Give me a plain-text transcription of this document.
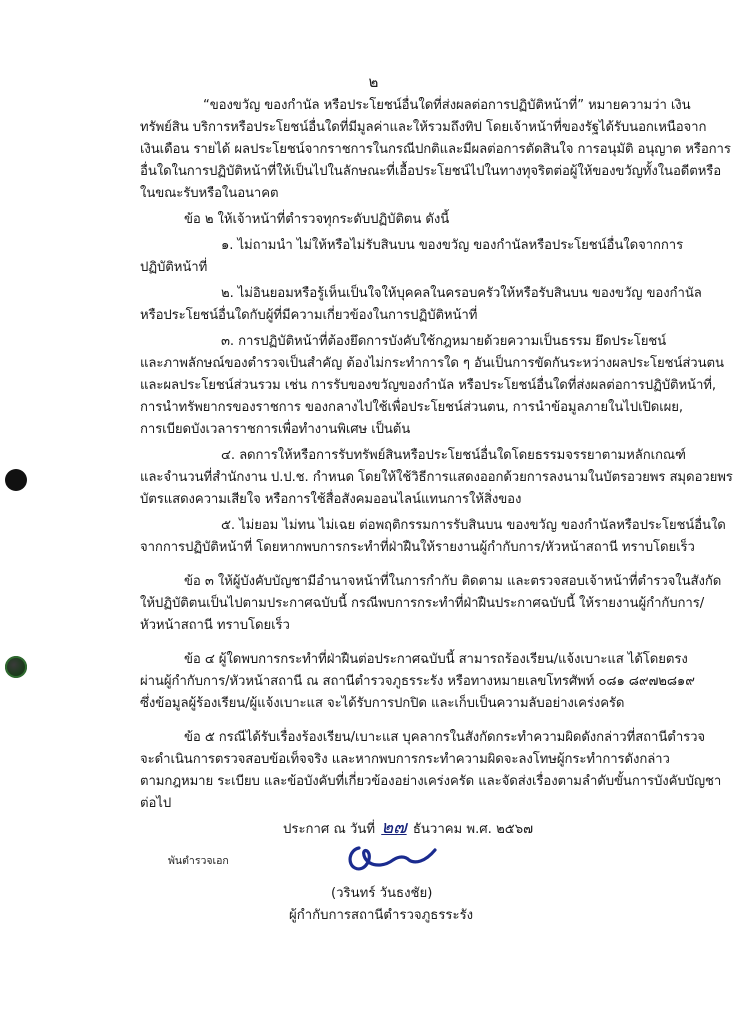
๒
“ของขวัญ ของกำนัล หรือประโยชน์อื่นใดที่ส่งผลต่อการปฏิบัติหน้าที่” หมายความว่า เงิน
ทรัพย์สิน บริการหรือประโยชน์อื่นใดที่มีมูลค่าและให้รวมถึงทิป โดยเจ้าหน้าที่ของรัฐได้รับนอกเหนือจาก
เงินเดือน รายได้ ผลประโยชน์จากราชการในกรณีปกติและมีผลต่อการตัดสินใจ การอนุมัติ อนุญาต หรือการ
อื่นใดในการปฏิบัติหน้าที่ให้เป็นไปในลักษณะที่เอื้อประโยชน์ไปในทางทุจริตต่อผู้ให้ของขวัญทั้งในอดีตหรือ
ในขณะรับหรือในอนาคต
ข้อ ๒ ให้เจ้าหน้าที่ตำรวจทุกระดับปฏิบัติตน ดังนี้
๑. ไม่ถามนำ ไม่ให้หรือไม่รับสินบน ของขวัญ ของกำนัลหรือประโยชน์อื่นใดจากการ
ปฏิบัติหน้าที่
๒. ไม่อินยอมหรือรู้เห็นเป็นใจให้บุคคลในครอบครัวให้หรือรับสินบน ของขวัญ ของกำนัล
หรือประโยชน์อื่นใดกับผู้ที่มีความเกี่ยวข้องในการปฏิบัติหน้าที่
๓. การปฏิบัติหน้าที่ต้องยึดการบังคับใช้กฎหมายด้วยความเป็นธรรม ยึดประโยชน์
และภาพลักษณ์ของตำรวจเป็นสำคัญ ต้องไม่กระทำการใด ๆ อันเป็นการขัดกันระหว่างผลประโยชน์ส่วนตน
และผลประโยชน์ส่วนรวม เช่น การรับของขวัญของกำนัล หรือประโยชน์อื่นใดที่ส่งผลต่อการปฏิบัติหน้าที่,
การนำทรัพยากรของราชการ ของกลางไปใช้เพื่อประโยชน์ส่วนตน, การนำข้อมูลภายในไปเปิดเผย,
การเบียดบังเวลาราชการเพื่อทำงานพิเศษ เป็นต้น
๔. ลดการให้หรือการรับทรัพย์สินหรือประโยชน์อื่นใดโดยธรรมจรรยาตามหลักเกณฑ์
และจำนวนที่สำนักงาน ป.ป.ช. กำหนด โดยให้ใช้วิธีการแสดงออกด้วยการลงนามในบัตรอวยพร สมุดอวยพร
บัตรแสดงความเสียใจ หรือการใช้สื่อสังคมออนไลน์แทนการให้สิ่งของ
๕. ไม่ยอม ไม่ทน ไม่เฉย ต่อพฤติกรรมการรับสินบน ของขวัญ ของกำนัลหรือประโยชน์อื่นใด
จากการปฏิบัติหน้าที่ โดยหากพบการกระทำที่ฝ่าฝืนให้รายงานผู้กำกับการ/หัวหน้าสถานี ทราบโดยเร็ว
ข้อ ๓ ให้ผู้บังคับบัญชามีอำนาจหน้าที่ในการกำกับ ติดตาม และตรวจสอบเจ้าหน้าที่ตำรวจในสังกัด
ให้ปฏิบัติตนเป็นไปตามประกาศฉบับนี้ กรณีพบการกระทำที่ฝ่าฝืนประกาศฉบับนี้ ให้รายงานผู้กำกับการ/
หัวหน้าสถานี ทราบโดยเร็ว
ข้อ ๔ ผู้ใดพบการกระทำที่ฝ่าฝืนต่อประกาศฉบับนี้ สามารถร้องเรียน/แจ้งเบาะแส ได้โดยตรง
ผ่านผู้กำกับการ/หัวหน้าสถานี ณ สถานีตำรวจภูธรระรัง หรือทางหมายเลขโทรศัพท์ ๐๘๑ ๘๙๗๒๘๑๙
ซึ่งข้อมูลผู้ร้องเรียน/ผู้แจ้งเบาะแส จะได้รับการปกปิด และเก็บเป็นความลับอย่างเคร่งครัด
ข้อ ๕ กรณีได้รับเรื่องร้องเรียน/เบาะแส บุคลากรในสังกัดกระทำความผิดดังกล่าวที่สถานีตำรวจ
จะดำเนินการตรวจสอบข้อเท็จจริง และหากพบการกระทำความผิดจะลงโทษผู้กระทำการดังกล่าว
ตามกฎหมาย ระเบียบ และข้อบังคับที่เกี่ยวข้องอย่างเคร่งครัด และจัดส่งเรื่องตามลำดับขั้นการบังคับบัญชา
ต่อไป
ประกาศ ณ วันที่ ๒๗ ธันวาคม พ.ศ. ๒๕๖๗
พันตำรวจเอก
(วรินทร์ วันธงชัย)
ผู้กำกับการสถานีตำรวจภูธรระรัง
